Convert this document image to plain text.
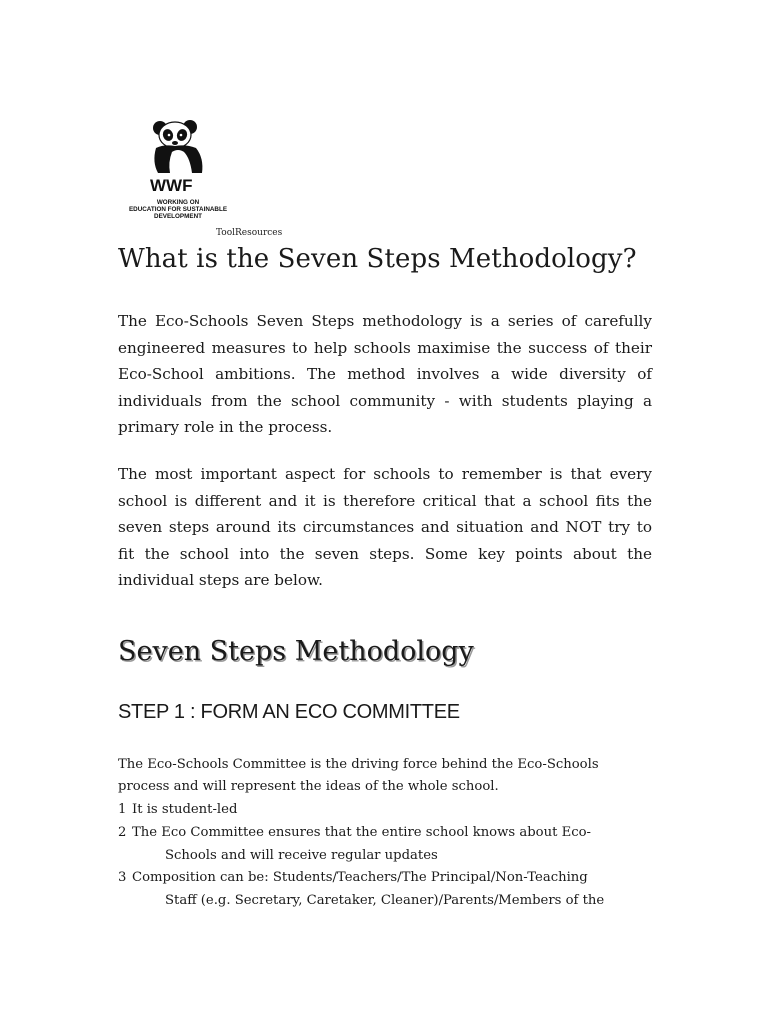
WWF
WORKING ON
EDUCATION FOR SUSTAINABLE
DEVELOPMENT
ToolResources
What is the Seven Steps Methodology?

The Eco-Schools Seven Steps methodology is a series of carefully engineered measures to help schools maximise the success of their Eco-School ambitions. The method involves a wide diversity of individuals from the school community - with students playing a primary role in the process.

The most important aspect for schools to remember is that every school is different and it is therefore critical that a school fits the seven steps around its circumstances and situation and NOT try to fit the school into the seven steps. Some key points about the individual steps are below.

Seven Steps Methodology
STEP 1 : FORM AN ECO COMMITTEE

The Eco-Schools Committee is the driving force behind the Eco-Schools process and will represent the ideas of the whole school.

1 It is student-led
2 The Eco Committee ensures that the entire school knows about Eco-
Schools and will receive regular updates
3 Composition can be: Students/Teachers/The Principal/Non-Teaching
Staff (e.g. Secretary, Caretaker, Cleaner)/Parents/Members of the
